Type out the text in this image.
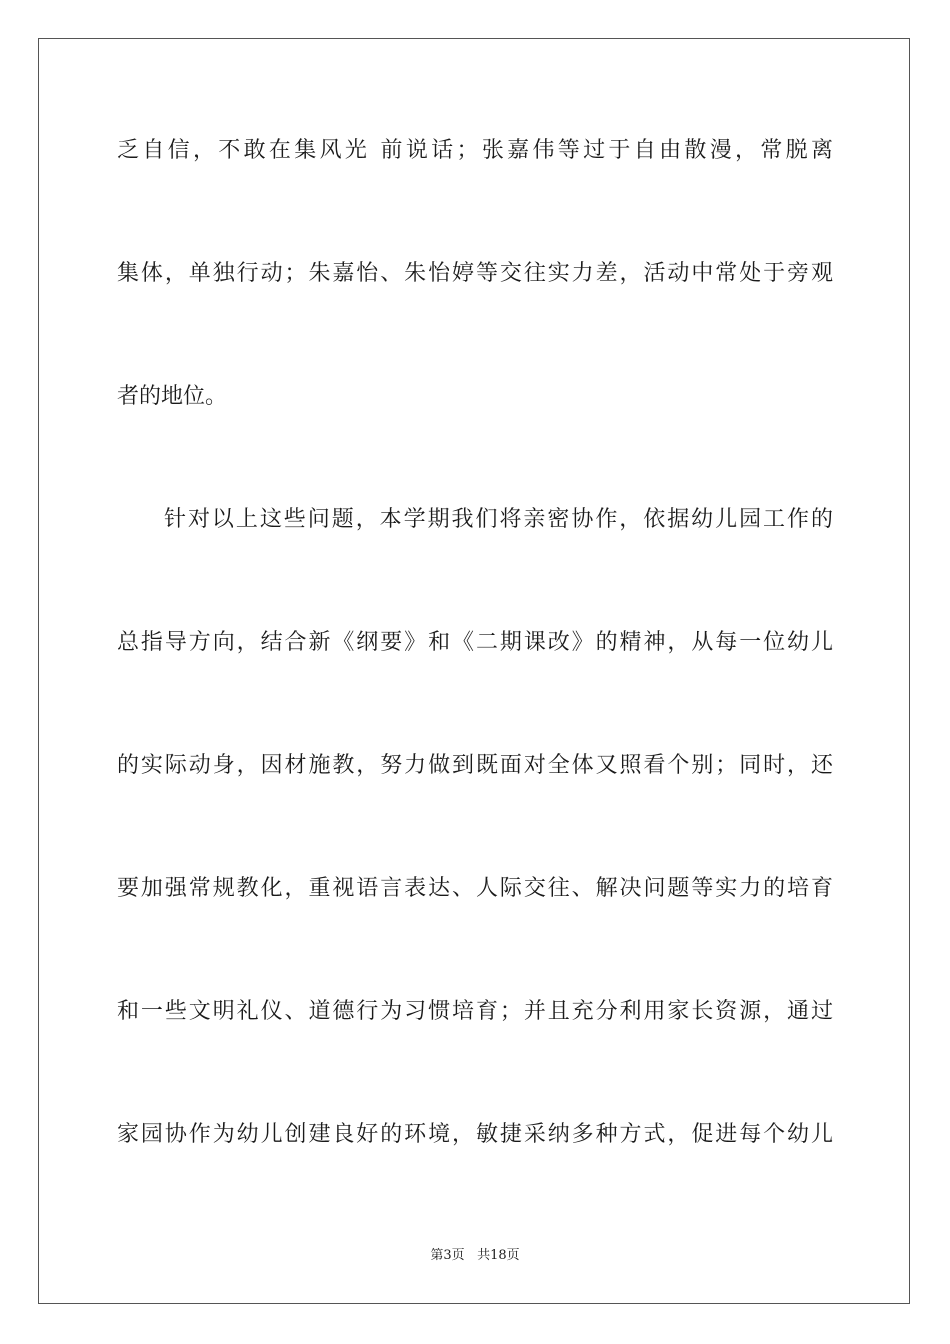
乏自信，不敢在集风光 前说话；张嘉伟等过于自由散漫，常脱离

集体，单独行动；朱嘉怡、朱怡婷等交往实力差，活动中常处于旁观

者的地位。

针对以上这些问题，本学期我们将亲密协作，依据幼儿园工作的

总指导方向，结合新《纲要》和《二期课改》的精神，从每一位幼儿

的实际动身，因材施教，努力做到既面对全体又照看个别；同时，还

要加强常规教化，重视语言表达、人际交往、解决问题等实力的培育

和一些文明礼仪、道德行为习惯培育；并且充分利用家长资源，通过

家园协作为幼儿创建良好的环境，敏捷采纳多种方式，促进每个幼儿

第3页 共18页
